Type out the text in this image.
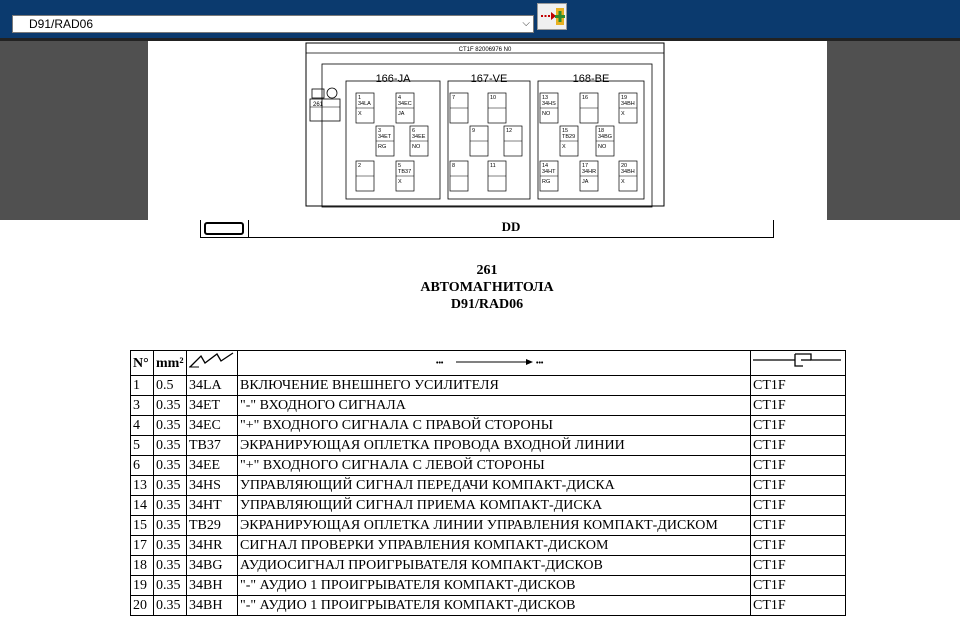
D91/RAD06	⌵
CT1F 82006976 N0
261
166-JA	167-VE	168-BE
1
34LA
X
4
34EC
JA
7	10	13
34HS
NO
16	19
34BH
X
3
34ET
RG
6
34EE
NO
9	12	15
TB29
X
18
34BG
NO
2	5
TB37
X
8	11	14
34HT
RG
17
34HR
JA
20
34BH
X
DD
261
АВТОМАГНИТОЛА
D91/RAD06
N°	mm²		••• •••

1	0.5	34LA	ВКЛЮЧЕНИЕ ВНЕШНЕГО УСИЛИТЕЛЯ	CT1F
3	0.35	34ET	"-" ВХОДНОГО СИГНАЛА	CT1F
4	0.35	34EC	"+" ВХОДНОГО СИГНАЛА С ПРАВОЙ СТОРОНЫ	CT1F
5	0.35	TB37	ЭКРАНИРУЮЩАЯ ОПЛЕТКА ПРОВОДА ВХОДНОЙ ЛИНИИ	CT1F
6	0.35	34EE	"+" ВХОДНОГО СИГНАЛА С ЛЕВОЙ СТОРОНЫ	CT1F
13	0.35	34HS	УПРАВЛЯЮЩИЙ СИГНАЛ ПЕРЕДАЧИ КОМПАКТ-ДИСКА	CT1F
14	0.35	34HT	УПРАВЛЯЮЩИЙ СИГНАЛ ПРИЕМА КОМПАКТ-ДИСКА	CT1F
15	0.35	TB29	ЭКРАНИРУЮЩАЯ ОПЛЕТКА ЛИНИИ УПРАВЛЕНИЯ КОМПАКТ-ДИСКОМ	CT1F
17	0.35	34HR	СИГНАЛ ПРОВЕРКИ УПРАВЛЕНИЯ КОМПАКТ-ДИСКОМ	CT1F
18	0.35	34BG	АУДИОСИГНАЛ ПРОИГРЫВАТЕЛЯ КОМПАКТ-ДИСКОВ	CT1F
19	0.35	34BH	"-" АУДИО 1 ПРОИГРЫВАТЕЛЯ КОМПАКТ-ДИСКОВ	CT1F
20	0.35	34BH	"-" АУДИО 1 ПРОИГРЫВАТЕЛЯ КОМПАКТ-ДИСКОВ	CT1F
